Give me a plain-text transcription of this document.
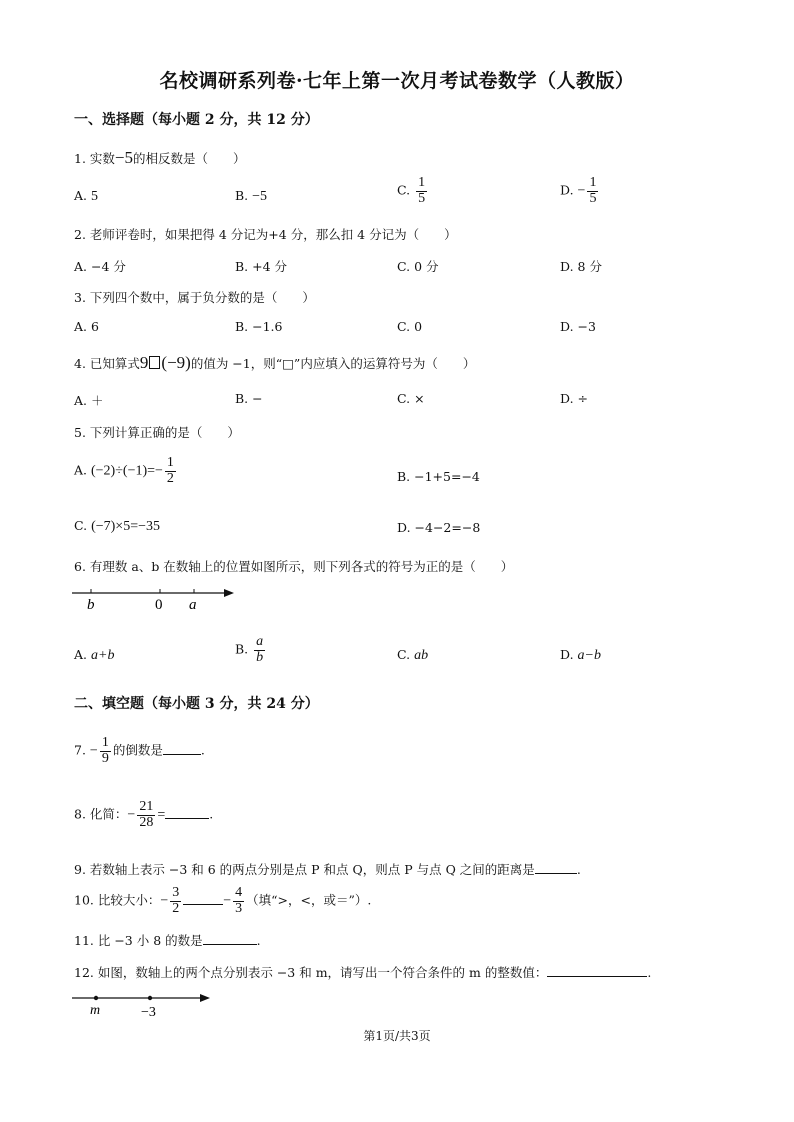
名校调研系列卷·七年上第一次月考试卷数学（人教版）
一、选择题（每小题 2 分，共 12 分）
1. 实数−5的相反数是（　　）
A. 5	B. −5	C. $\frac{1}{5}$	D. − $\frac{1}{5}$
2. 老师评卷时，如果把得 4 分记为+4 分，那么扣 4 分记为（　　）
A. −4 分	B. +4 分	C. 0 分	D. 8 分
3. 下列四个数中，属于负分数的是（　　）
A. 6	B. −1.6	C. 0	D. −3
4. 已知算式9 (−9)的值为 −1，则“□”内应填入的运算符号为（　　）
A. ＋	B. −	C. ×	D. ÷
5. 下列计算正确的是（　　）
A. $(-2)\div(-1)=- \frac{1}{2}$	B. −1+5=−4
C. (−7)×5=−35	D. −4−2=−8
6. 有理数 a、b 在数轴上的位置如图所示，则下列各式的符号为正的是（　　）
b	0 a
A. a+b	B. $\frac{a}{b}$	C. ab	D. a−b
二、填空题（每小题 3 分，共 24 分）
7. − $\frac{1}{9}$ 的倒数是	.
8. 化简：− $\frac{21}{28}$ =	.
9. 若数轴上表示 −3 和 6 的两点分别是点 P 和点 Q，则点 P 与点 Q 之间的距离是	.
10. 比较大小：− $\frac{3}{2}$	− $\frac{4}{3}$ （填“>，<，或＝”）.
11. 比 −3 小 8 的数是	.
12. 如图，数轴上的两个点分别表示 −3 和 m，请写出一个符合条件的 m 的整数值：	.
m	−3
第1页/共3页
